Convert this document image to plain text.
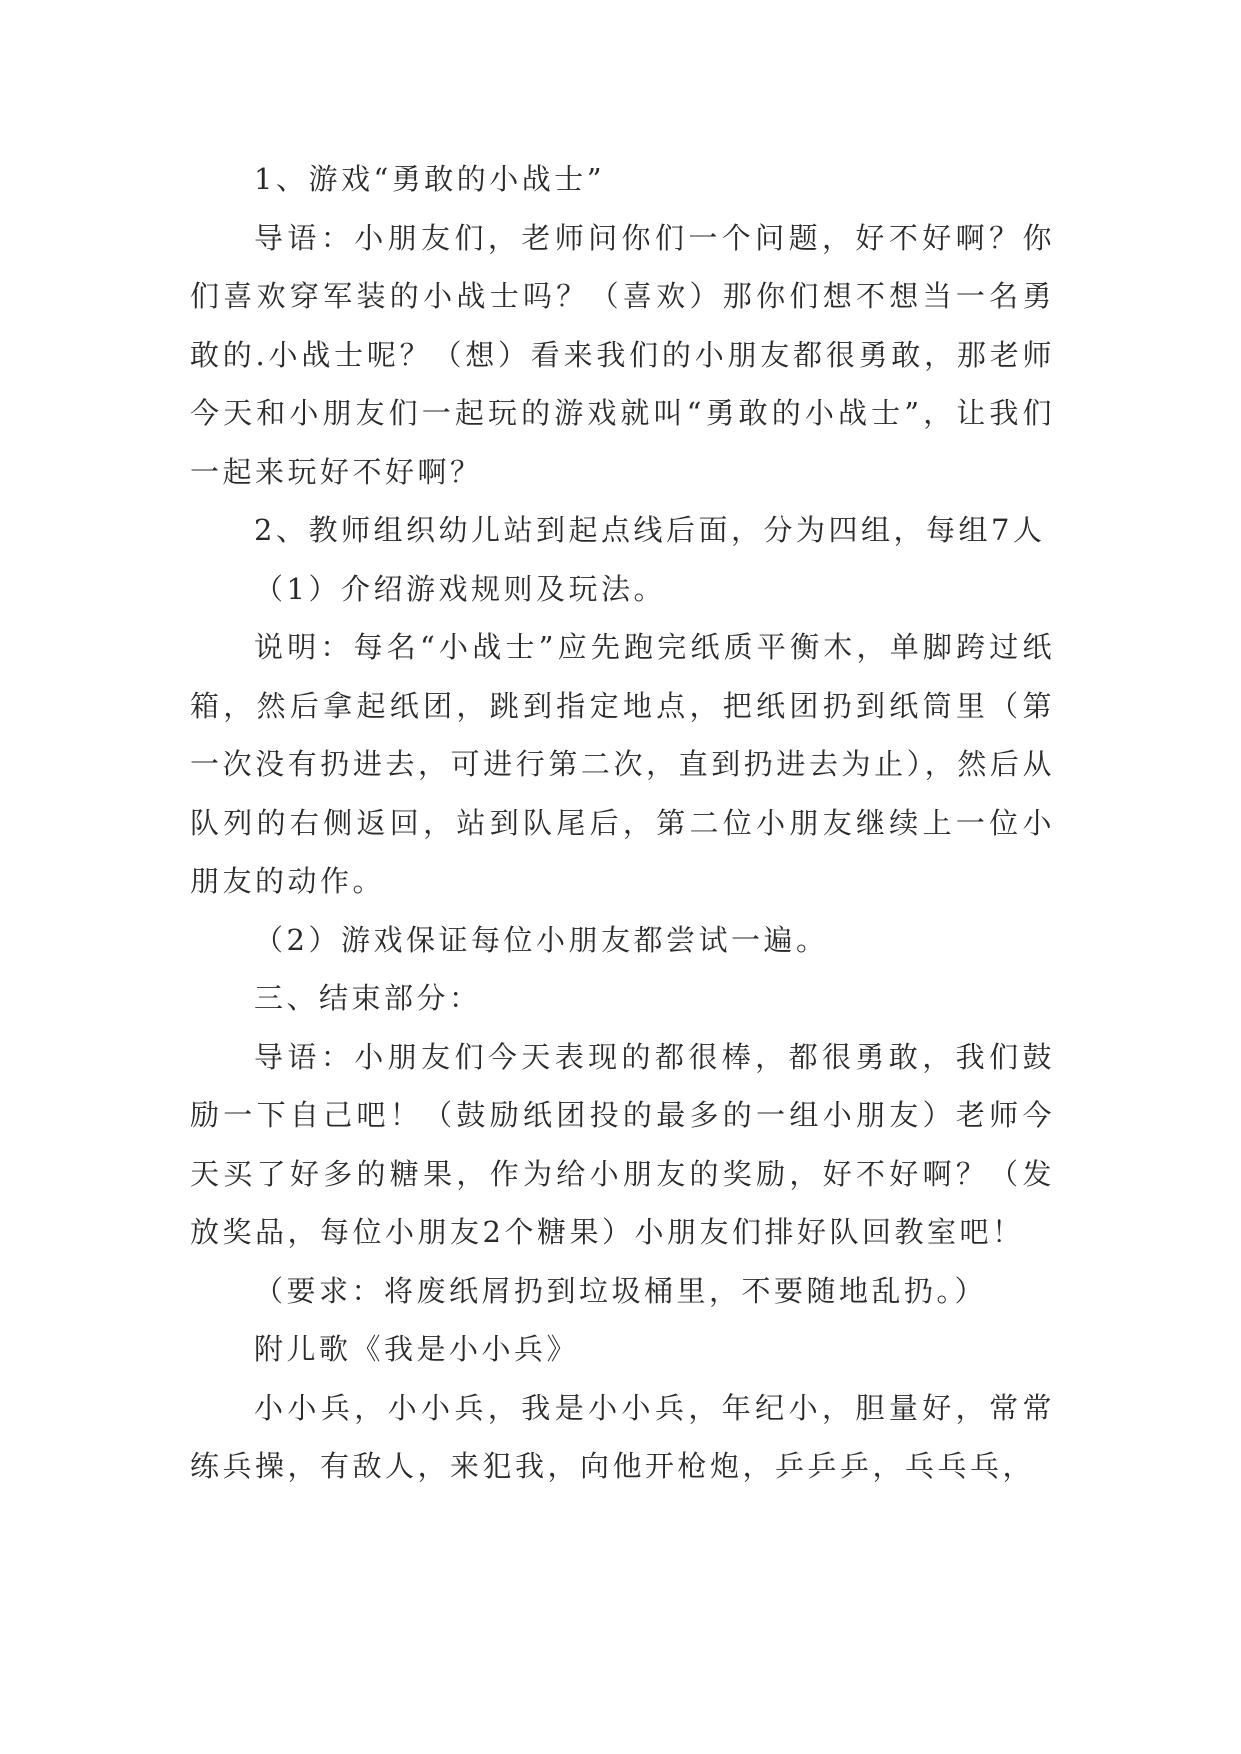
1、游戏“勇敢的小战士”

导语：小朋友们，老师问你们一个问题，好不好啊？你们喜欢穿军装的小战士吗？（喜欢）那你们想不想当一名勇敢的.小战士呢？（想）看来我们的小朋友都很勇敢，那老师今天和小朋友们一起玩的游戏就叫“勇敢的小战士”，让我们一起来玩好不好啊？

2、教师组织幼儿站到起点线后面，分为四组，每组7人

（1）介绍游戏规则及玩法。

说明：每名“小战士”应先跑完纸质平衡木，单脚跨过纸箱，然后拿起纸团，跳到指定地点，把纸团扔到纸筒里（第一次没有扔进去，可进行第二次，直到扔进去为止），然后从队列的右侧返回，站到队尾后，第二位小朋友继续上一位小朋友的动作。

（2）游戏保证每位小朋友都尝试一遍。

三、结束部分：

导语：小朋友们今天表现的都很棒，都很勇敢，我们鼓励一下自己吧！（鼓励纸团投的最多的一组小朋友）老师今天买了好多的糖果，作为给小朋友的奖励，好不好啊？（发放奖品，每位小朋友2个糖果）小朋友们排好队回教室吧！

（要求：将废纸屑扔到垃圾桶里，不要随地乱扔。）

附儿歌《我是小小兵》

小小兵，小小兵，我是小小兵，年纪小，胆量好，常常练兵操，有敌人，来犯我，向他开枪炮，乒乒乒，乓乓乓，
